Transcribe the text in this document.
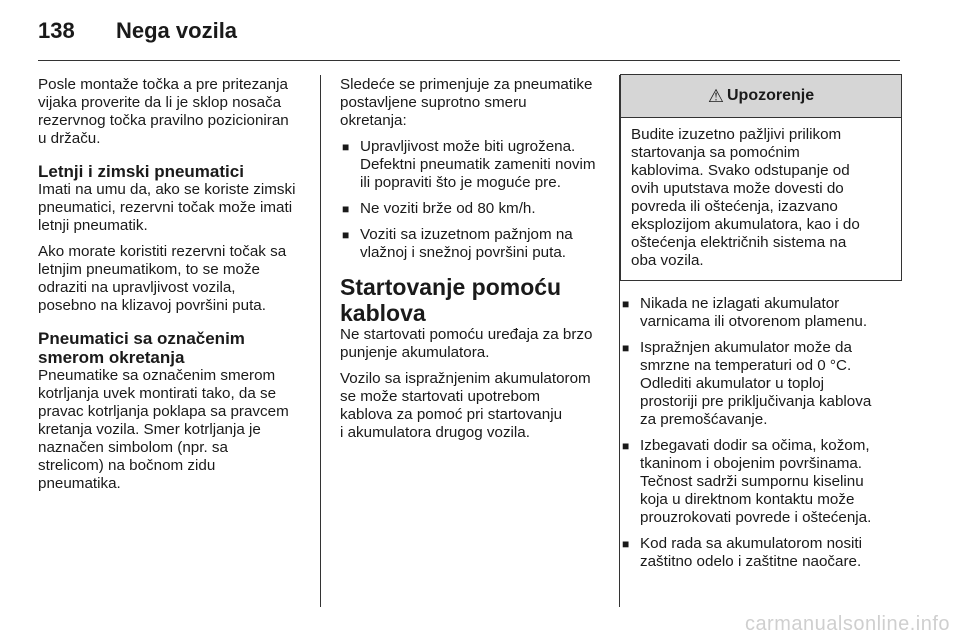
138 Nega vozila

Posle montaže točka a pre pritezanja
vijaka proverite da li je sklop nosača
rezervnog točka pravilno pozicioniran
u držaču.

Letnji i zimski pneumatici

Imati na umu da, ako se koriste zimski
pneumatici, rezervni točak može imati
letnji pneumatik.

Ako morate koristiti rezervni točak sa
letnjim pneumatikom, to se može
odraziti na upravljivost vozila,
posebno na klizavoj površini puta.

Pneumatici sa označenim
smerom okretanja

Pneumatike sa označenim smerom
kotrljanja uvek montirati tako, da se
pravac kotrljanja poklapa sa pravcem
kretanja vozila. Smer kotrljanja je
naznačen simbolom (npr. sa
strelicom) na bočnom zidu
pneumatika.

Sledeće se primenjuje za pneumatike
postavljene suprotno smeru
okretanja:

■ Upravljivost može biti ugrožena.
Defektni pneumatik zameniti novim
ili popraviti što je moguće pre.
■ Ne voziti brže od 80 km/h.
■ Voziti sa izuzetnom pažnjom na
vlažnoj i snežnoj površini puta.
Startovanje pomoću
kablova

Ne startovati pomoću uređaja za brzo
punjenje akumulatora.

Vozilo sa ispražnjenim akumulatorom
se može startovati upotrebom
kablova za pomoć pri startovanju
i akumulatora drugog vozila.

⚠ Upozorenje
Budite izuzetno pažljivi prilikom
startovanja sa pomoćnim
kablovima. Svako odstupanje od
ovih uputstava može dovesti do
povreda ili oštećenja, izazvano
eksplozijom akumulatora, kao i do
oštećenja električnih sistema na
oba vozila.
■ Nikada ne izlagati akumulator
varnicama ili otvorenom plamenu.
■ Ispražnjen akumulator može da
smrzne na temperaturi od 0 °C.
Odlediti akumulator u toploj
prostoriji pre priključivanja kablova
za premošćavanje.
■ Izbegavati dodir sa očima, kožom,
tkaninom i obojenim površinama.
Tečnost sadrži sumpornu kiselinu
koja u direktnom kontaktu može
prouzrokovati povrede i oštećenja.
■ Kod rada sa akumulatorom nositi
zaštitno odelo i zaštitne naočare.
carmanualsonline.info
